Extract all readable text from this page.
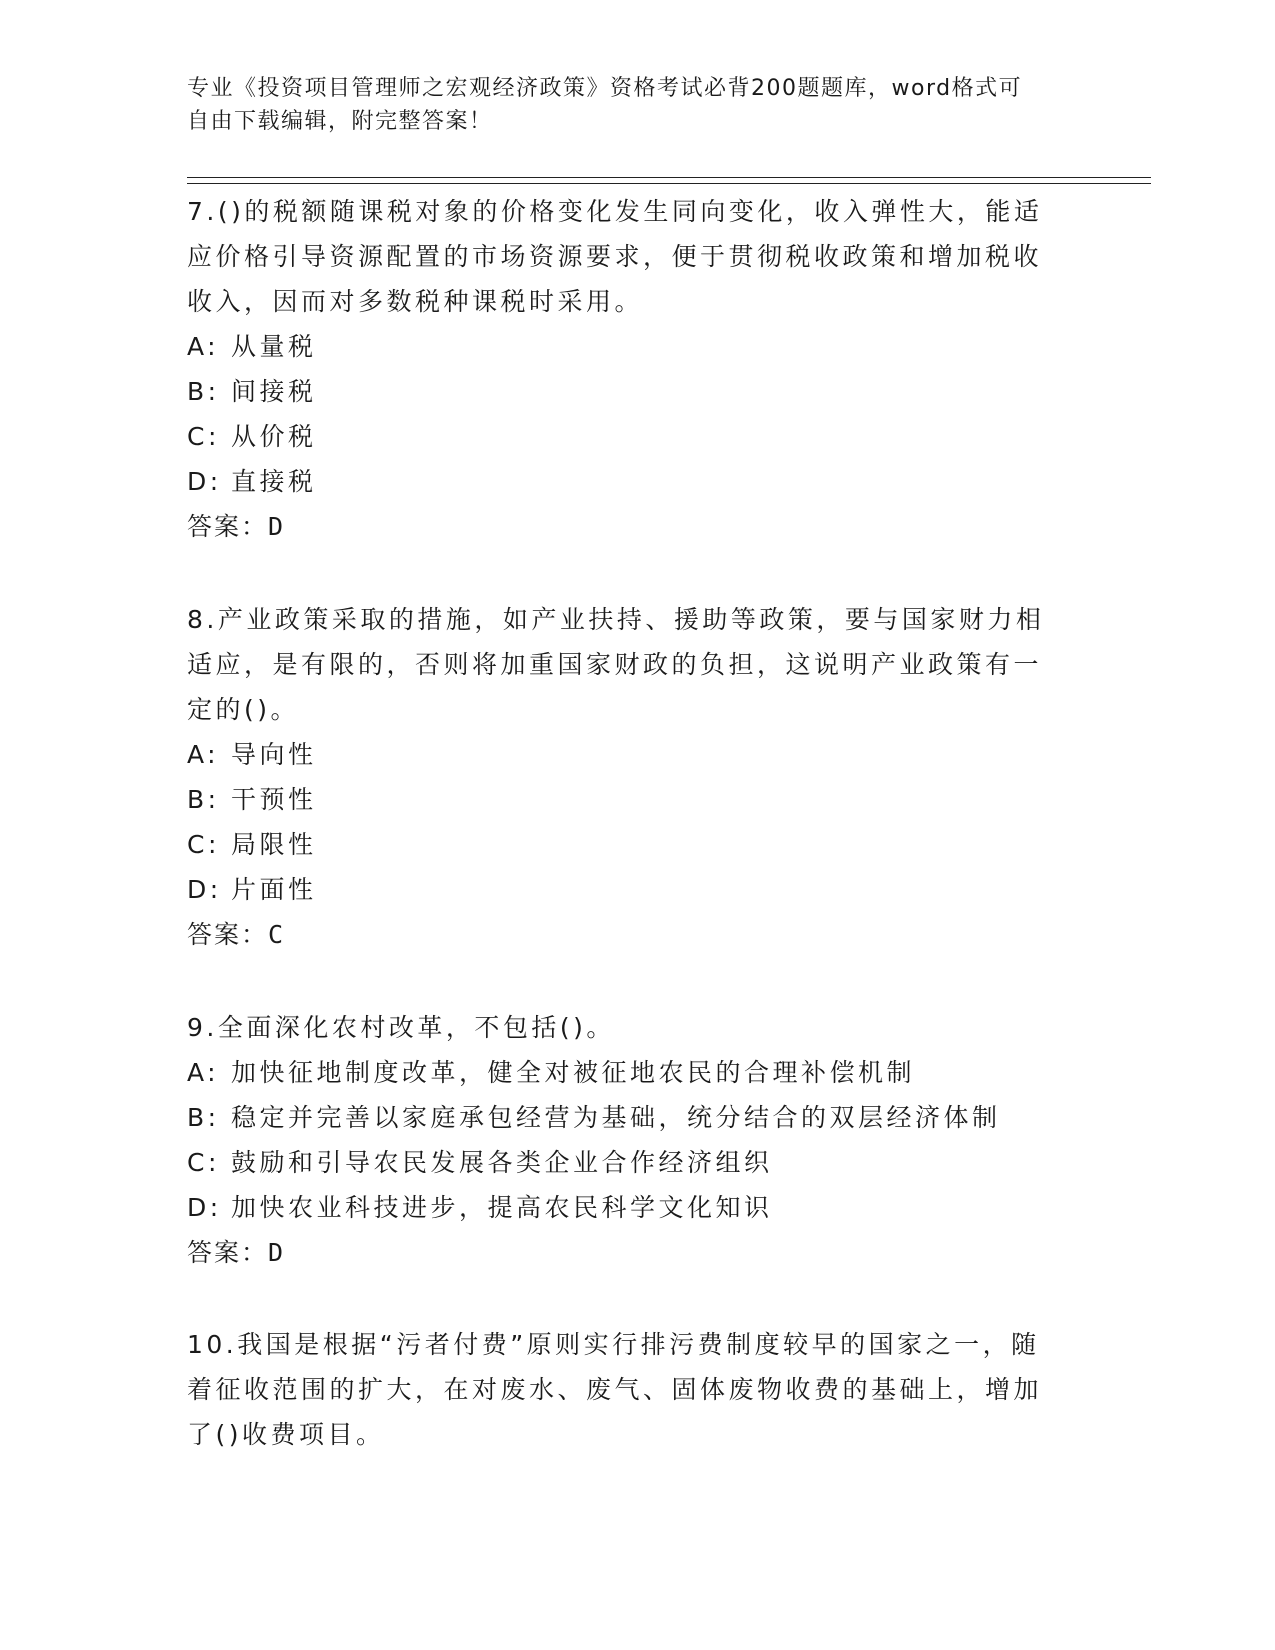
专业《投资项目管理师之宏观经济政策》资格考试必背200题题库，word格式可
自由下载编辑，附完整答案！
7.()的税额随课税对象的价格变化发生同向变化，收入弹性大，能适
应价格引导资源配置的市场资源要求，便于贯彻税收政策和增加税收
收入，因而对多数税种课税时采用。
A: 从量税
B: 间接税
C: 从价税
D: 直接税
答案：D
8.产业政策采取的措施，如产业扶持、援助等政策，要与国家财力相
适应，是有限的，否则将加重国家财政的负担，这说明产业政策有一
定的()。
A: 导向性
B: 干预性
C: 局限性
D: 片面性
答案：C
9.全面深化农村改革，不包括()。
A: 加快征地制度改革，健全对被征地农民的合理补偿机制
B: 稳定并完善以家庭承包经营为基础，统分结合的双层经济体制
C: 鼓励和引导农民发展各类企业合作经济组织
D: 加快农业科技进步，提高农民科学文化知识
答案：D
10.我国是根据“污者付费”原则实行排污费制度较早的国家之一，随
着征收范围的扩大，在对废水、废气、固体废物收费的基础上，增加
了()收费项目。
